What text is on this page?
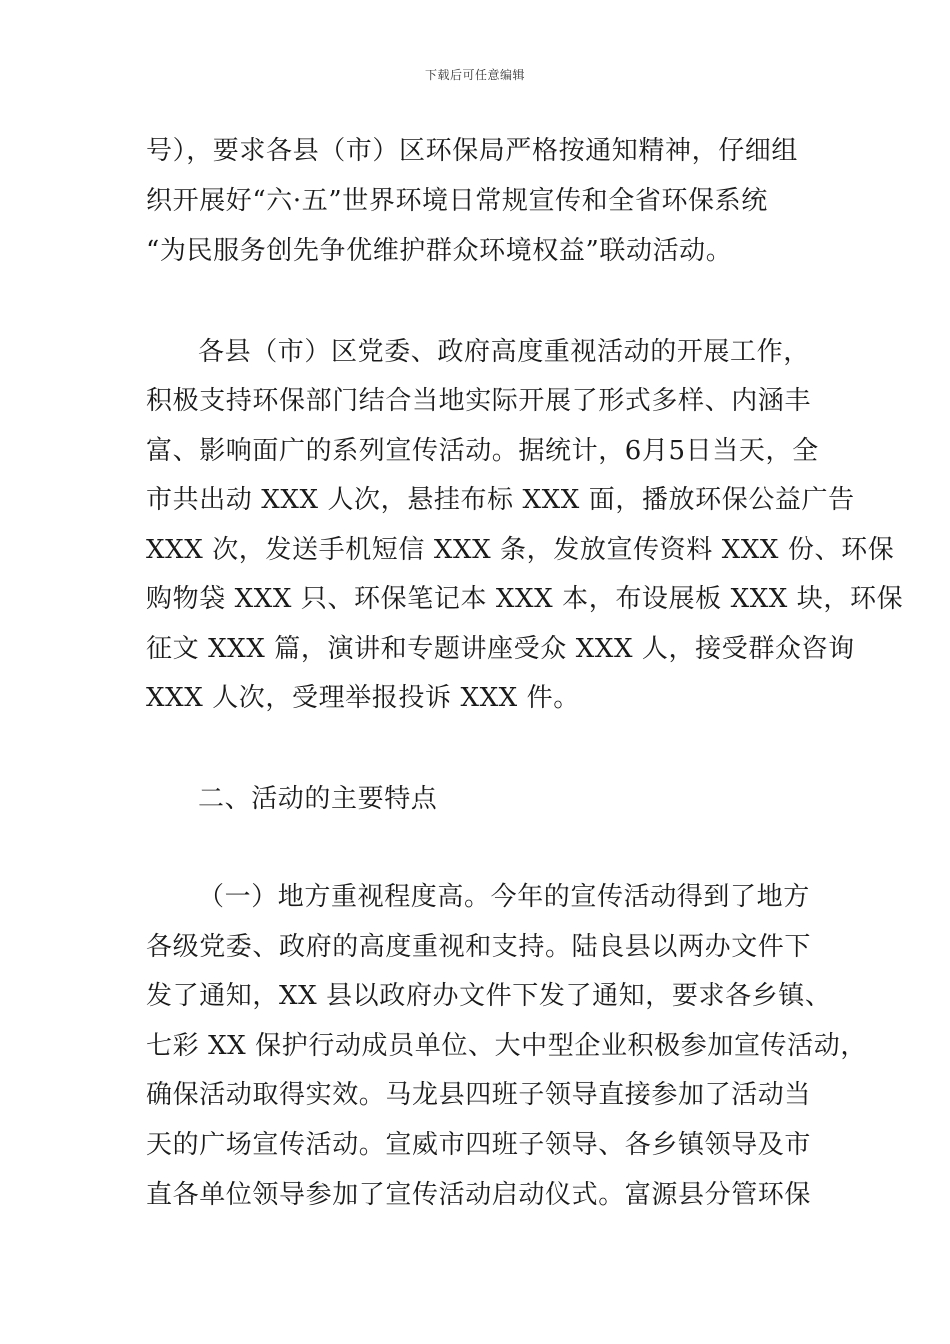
下载后可任意编辑
号），要求各县（市）区环保局严格按通知精神，仔细组
织开展好“六·五”世界环境日常规宣传和全省环保系统
“为民服务创先争优维护群众环境权益”联动活动。
各县（市）区党委、政府高度重视活动的开展工作，
积极支持环保部门结合当地实际开展了形式多样、内涵丰
富、影响面广的系列宣传活动。据统计，6月5日当天，全
市共出动 XXX 人次，悬挂布标 XXX 面，播放环保公益广告
XXX 次，发送手机短信 XXX 条，发放宣传资料 XXX 份、环保
购物袋 XXX 只、环保笔记本 XXX 本，布设展板 XXX 块，环保
征文 XXX 篇，演讲和专题讲座受众 XXX 人，接受群众咨询
XXX 人次，受理举报投诉 XXX 件。
二、活动的主要特点
（一）地方重视程度高。今年的宣传活动得到了地方
各级党委、政府的高度重视和支持。陆良县以两办文件下
发了通知，XX 县以政府办文件下发了通知，要求各乡镇、
七彩 XX 保护行动成员单位、大中型企业积极参加宣传活动，
确保活动取得实效。马龙县四班子领导直接参加了活动当
天的广场宣传活动。宣威市四班子领导、各乡镇领导及市
直各单位领导参加了宣传活动启动仪式。富源县分管环保
